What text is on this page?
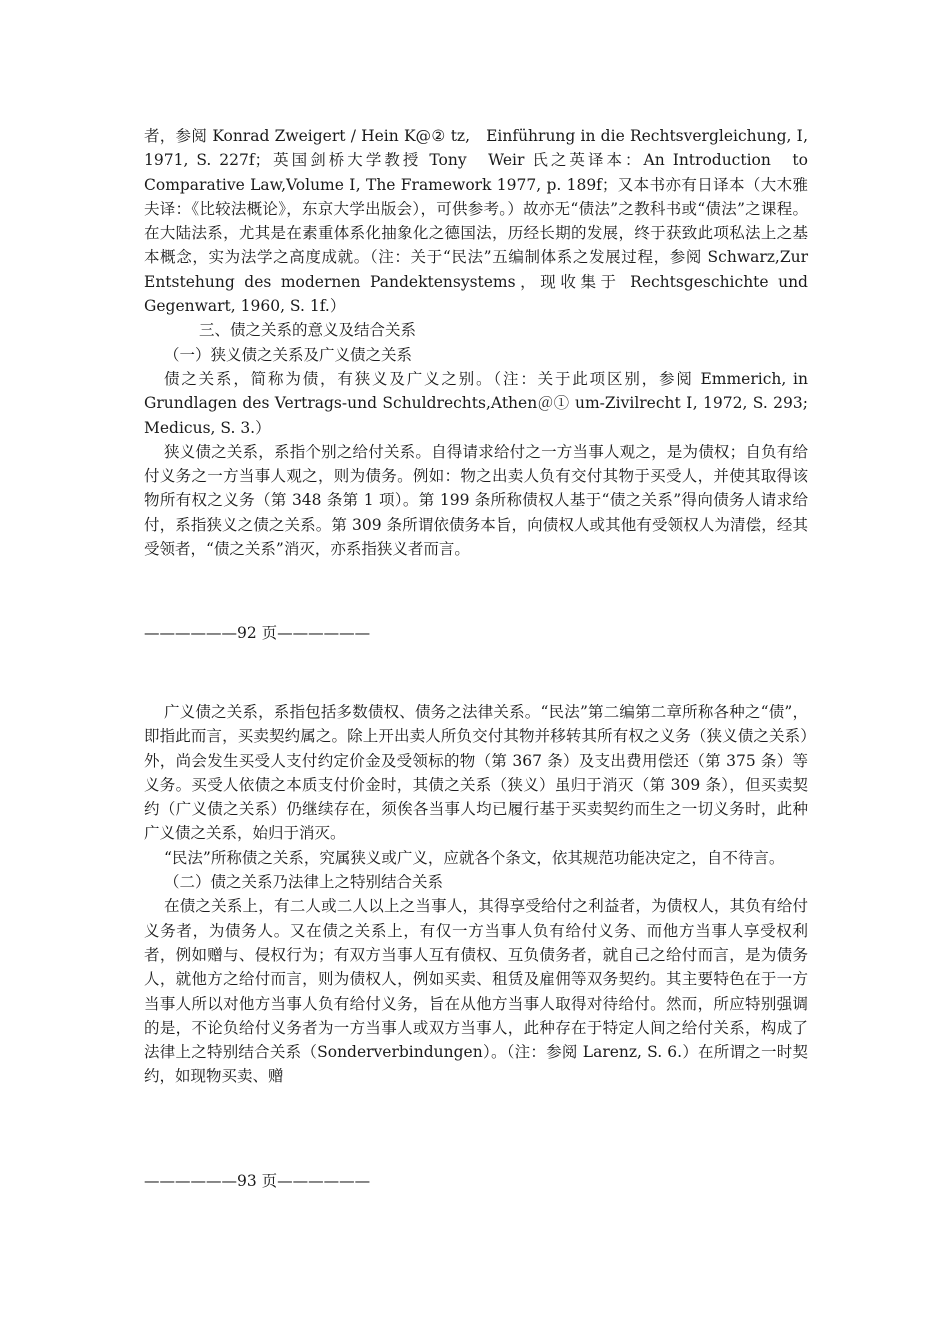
者，参阅 Konrad Zweigert / Hein K@② tz,　Einführung in die Rechtsvergleichung, Ⅰ, 1971, S. 227f；英国剑桥大学教授 Tony　Weir 氏之英译本：An Introduction　to　Comparative Law,Volume Ⅰ, The Framework 1977, p. 189f；又本书亦有日译本（大木雅夫译：《比较法概论》，东京大学出版会），可供参考。）故亦无“债法”之教科书或“债法”之课程。在大陆法系，尤其是在素重体系化抽象化之德国法，历经长期的发展，终于获致此项私法上之基本概念，实为法学之高度成就。（注：关于“民法”五编制体系之发展过程，参阅 Schwarz,Zur Entstehung des modernen Pandektensystems，现收集于 Rechtsgeschichte und Gegenwart, 1960, S. 1f.）

三、债之关系的意义及结合关系

（一）狭义债之关系及广义债之关系

债之关系，简称为债，有狭义及广义之别。（注：关于此项区别，参阅 Emmerich, in Grundlagen des Vertrags-und Schuldrechts,Athen＠① um-Zivilrecht Ⅰ, 1972, S. 293; Medicus, S. 3.）

狭义债之关系，系指个别之给付关系。自得请求给付之一方当事人观之，是为债权；自负有给付义务之一方当事人观之，则为债务。例如：物之出卖人负有交付其物于买受人，并使其取得该物所有权之义务（第 348 条第 1 项）。第 199 条所称债权人基于“债之关系”得向债务人请求给付，系指狭义之债之关系。第 309 条所谓依债务本旨，向债权人或其他有受领权人为清偿，经其受领者，“债之关系”消灭，亦系指狭义者而言。

——————92 页——————

广义债之关系，系指包括多数债权、债务之法律关系。“民法”第二编第二章所称各种之“债”，即指此而言，买卖契约属之。除上开出卖人所负交付其物并移转其所有权之义务（狭义债之关系）外，尚会发生买受人支付约定价金及受领标的物（第 367 条）及支出费用偿还（第 375 条）等义务。买受人依债之本质支付价金时，其债之关系（狭义）虽归于消灭（第 309 条），但买卖契约（广义债之关系）仍继续存在，须俟各当事人均已履行基于买卖契约而生之一切义务时，此种广义债之关系，始归于消灭。

“民法”所称债之关系，究属狭义或广义，应就各个条文，依其规范功能决定之，自不待言。

（二）债之关系乃法律上之特别结合关系

在债之关系上，有二人或二人以上之当事人，其得享受给付之利益者，为债权人，其负有给付义务者，为债务人。又在债之关系上，有仅一方当事人负有给付义务、而他方当事人享受权利者，例如赠与、侵权行为；有双方当事人互有债权、互负债务者，就自己之给付而言，是为债务人，就他方之给付而言，则为债权人，例如买卖、租赁及雇佣等双务契约。其主要特色在于一方当事人所以对他方当事人负有给付义务，旨在从他方当事人取得对待给付。然而，所应特别强调的是，不论负给付义务者为一方当事人或双方当事人，此种存在于特定人间之给付关系，构成了法律上之特别结合关系（Sonderverbindungen）。（注：参阅 Larenz, S. 6.）在所谓之一时契约，如现物买卖、赠

——————93 页——————
